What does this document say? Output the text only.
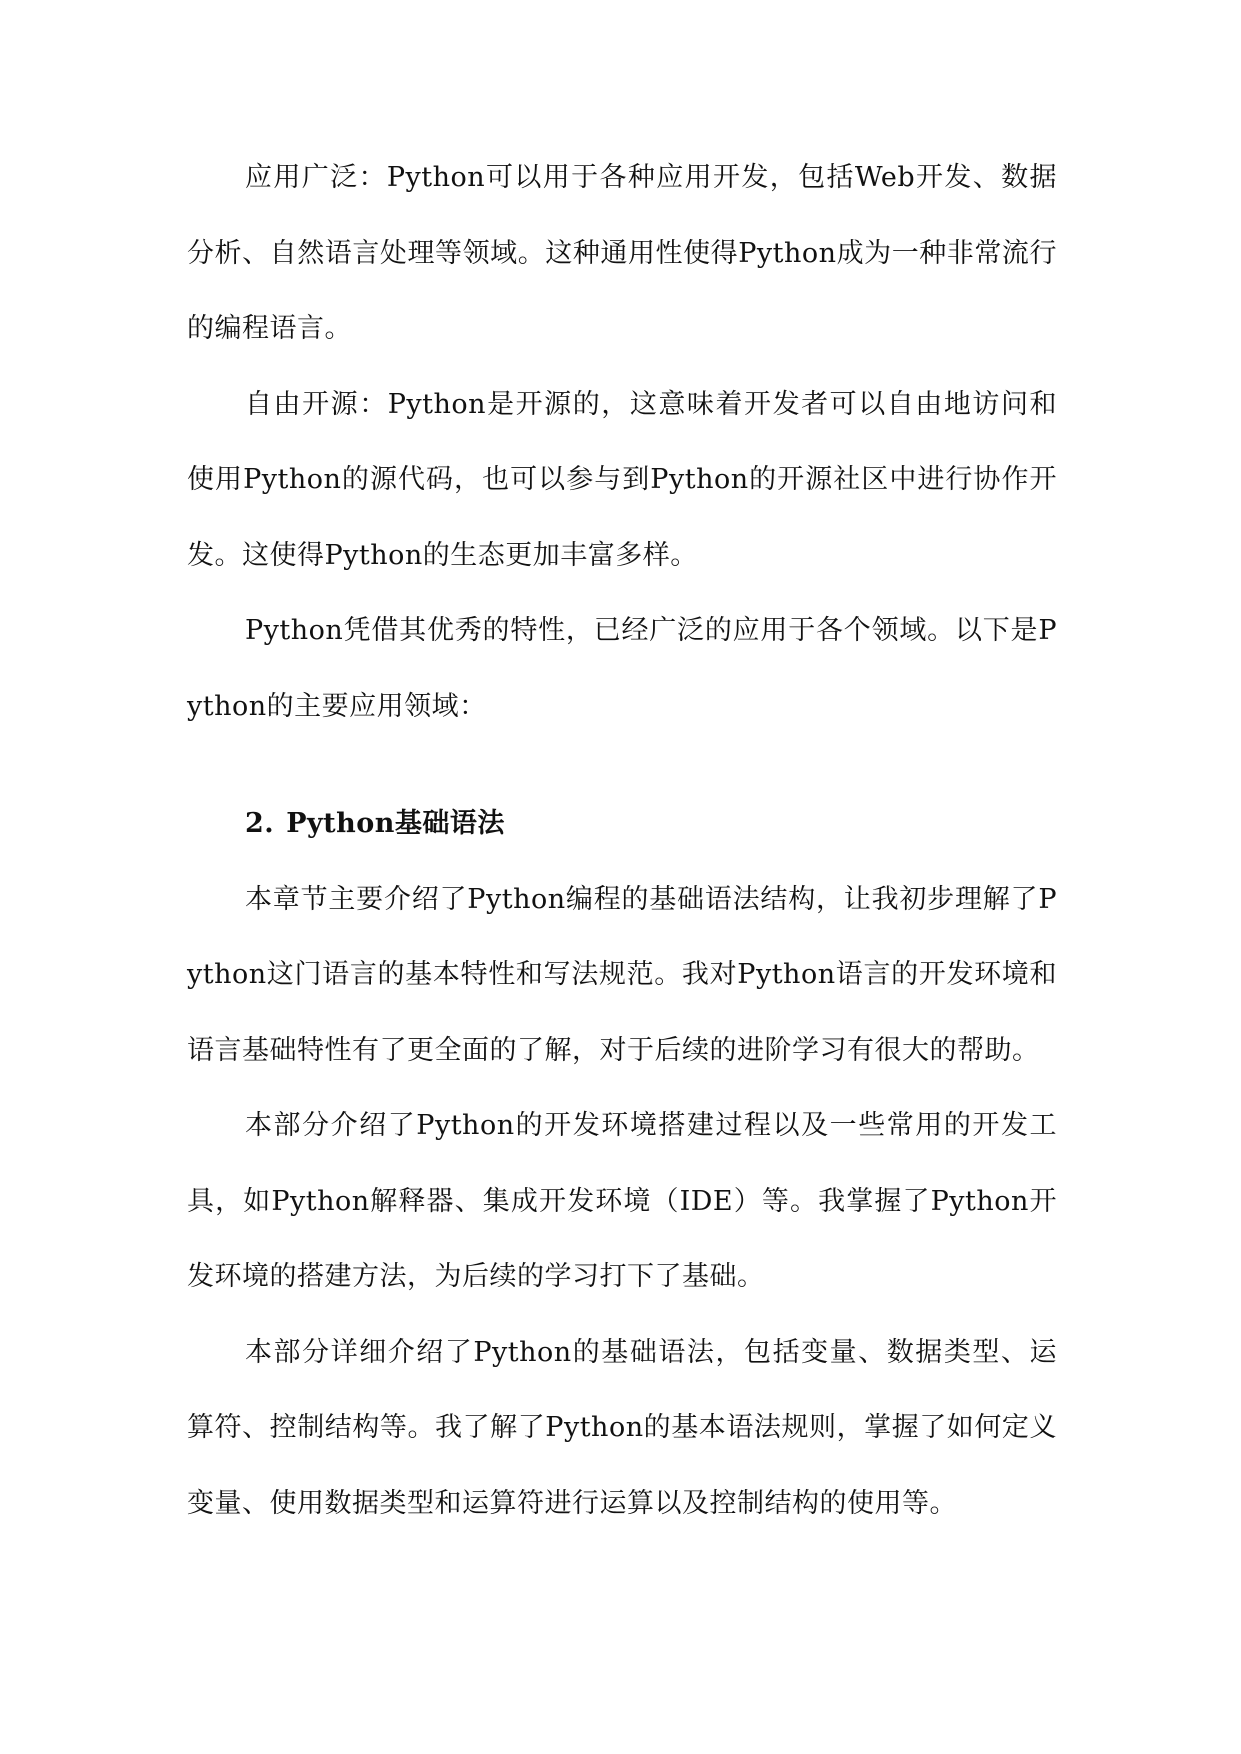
应用广泛：Python可以用于各种应用开发，包括Web开发、数据分析、自然语言处理等领域。这种通用性使得Python成为一种非常流行的编程语言。

自由开源：Python是开源的，这意味着开发者可以自由地访问和使用Python的源代码，也可以参与到Python的开源社区中进行协作开发。这使得Python的生态更加丰富多样。

Python凭借其优秀的特性，已经广泛的应用于各个领域。以下是Python的主要应用领域：

2. Python基础语法

本章节主要介绍了Python编程的基础语法结构，让我初步理解了Python这门语言的基本特性和写法规范。我对Python语言的开发环境和语言基础特性有了更全面的了解，对于后续的进阶学习有很大的帮助。

本部分介绍了Python的开发环境搭建过程以及一些常用的开发工具，如Python解释器、集成开发环境（IDE）等。我掌握了Python开发环境的搭建方法，为后续的学习打下了基础。

本部分详细介绍了Python的基础语法，包括变量、数据类型、运算符、控制结构等。我了解了Python的基本语法规则，掌握了如何定义变量、使用数据类型和运算符进行运算以及控制结构的使用等。
